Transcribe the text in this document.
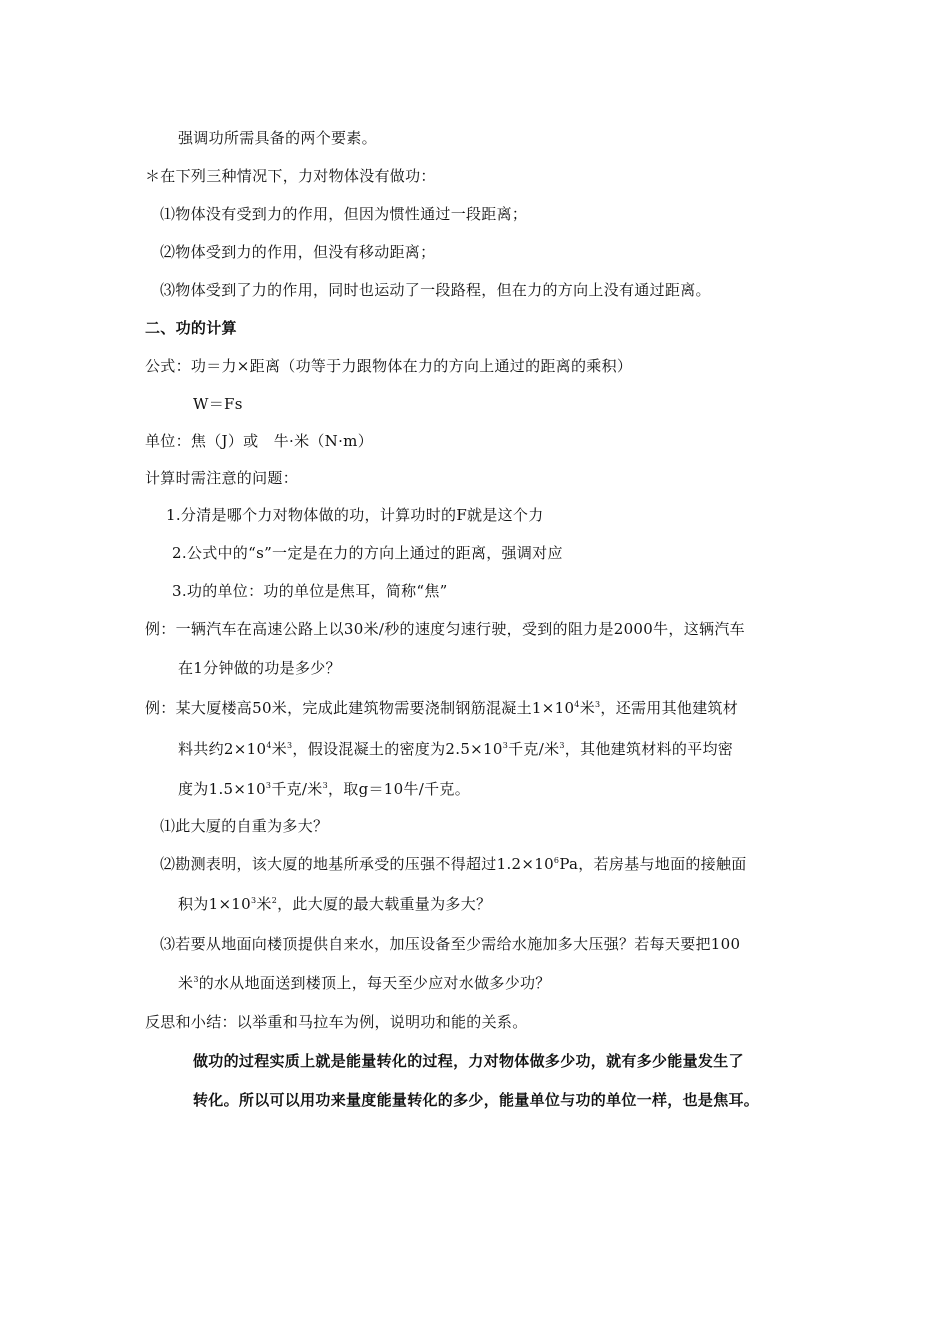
强调功所需具备的两个要素。
＊在下列三种情况下，力对物体没有做功：
⑴物体没有受到力的作用，但因为惯性通过一段距离；
⑵物体受到力的作用，但没有移动距离；
⑶物体受到了力的作用，同时也运动了一段路程，但在力的方向上没有通过距离。
二、功的计算
公式：功＝力×距离（功等于力跟物体在力的方向上通过的距离的乘积）
W＝Fs
单位：焦（J）或　牛·米（N·m）
计算时需注意的问题：
1.分清是哪个力对物体做的功，计算功时的F就是这个力
2.公式中的“s”一定是在力的方向上通过的距离，强调对应
3.功的单位：功的单位是焦耳，简称“焦”
例：一辆汽车在高速公路上以30米/秒的速度匀速行驶，受到的阻力是2000牛，这辆汽车
在1分钟做的功是多少？
例：某大厦楼高50米，完成此建筑物需要浇制钢筋混凝土$1\times 10^4$米$^3$，还需用其他建筑材
料共约$2\times 10^4$米$^3$，假设混凝土的密度为$2.5\times 10^3$千克/米$^3$，其他建筑材料的平均密
度为$1.5\times 10^3$千克/米$^3$，取g＝10牛/千克。
⑴此大厦的自重为多大？
⑵勘测表明，该大厦的地基所承受的压强不得超过$1.2\times 10^6Pa$，若房基与地面的接触面
积为$1\times 10^3$米$^2$，此大厦的最大载重量为多大？
⑶若要从地面向楼顶提供自来水，加压设备至少需给水施加多大压强？若每天要把100
米$^3$的水从地面送到楼顶上，每天至少应对水做多少功？
反思和小结：以举重和马拉车为例，说明功和能的关系。
做功的过程实质上就是能量转化的过程，力对物体做多少功，就有多少能量发生了
转化。所以可以用功来量度能量转化的多少，能量单位与功的单位一样，也是焦耳。
